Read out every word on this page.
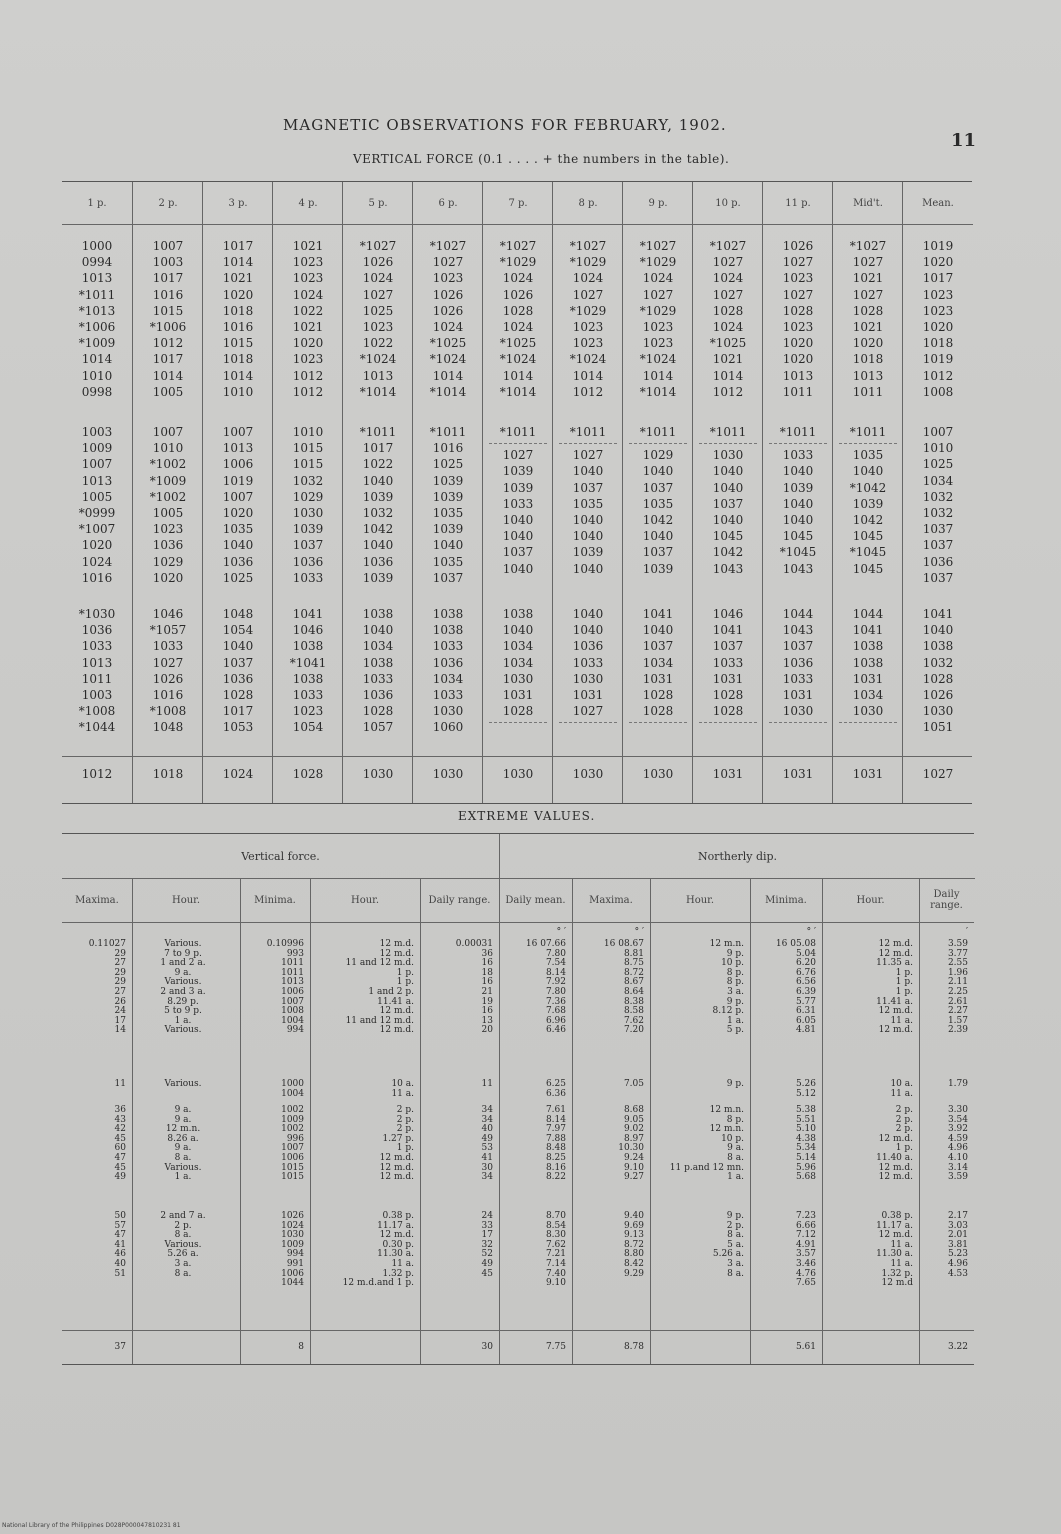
MAGNETIC OBSERVATIONS FOR FEBRUARY, 1902.
11
VERTICAL FORCE (0.1 . . . . + the numbers in the table).
1 p.
1000
0994
1013
*1011
*1013
*1006
*1009
1014
1010
0998
1003
1009
1007
1013
1005
*0999
*1007
1020
1024
1016
*1030
1036
1033
1013
1011
1003
*1008
*1044
1012
2 p.
1007
1003
1017
1016
1015
*1006
1012
1017
1014
1005
1007
1010
*1002
*1009
*1002
1005
1023
1036
1029
1020
1046
*1057
1033
1027
1026
1016
*1008
1048
1018
3 p.
1017
1014
1021
1020
1018
1016
1015
1018
1014
1010
1007
1013
1006
1019
1007
1020
1035
1040
1036
1025
1048
1054
1040
1037
1036
1028
1017
1053
1024
4 p.
1021
1023
1023
1024
1022
1021
1020
1023
1012
1012
1010
1015
1015
1032
1029
1030
1039
1037
1036
1033
1041
1046
1038
*1041
1038
1033
1023
1054
1028
5 p.
*1027
1026
1024
1027
1025
1023
1022
*1024
1013
*1014
*1011
1017
1022
1040
1039
1032
1042
1040
1036
1039
1038
1040
1034
1038
1033
1036
1028
1057
1030
6 p.
*1027
1027
1023
1026
1026
1024
*1025
*1024
1014
*1014
*1011
1016
1025
1039
1039
1035
1039
1040
1035
1037
1038
1038
1033
1036
1034
1033
1030
1060
1030
7 p.
*1027
*1029
1024
1026
1028
1024
*1025
*1024
1014
*1014
*1011
1027
1039
1039
1033
1040
1040
1037
1040
1038
1040
1034
1034
1030
1031
1028
1030
8 p.
*1027
*1029
1024
1027
*1029
1023
1023
*1024
1014
1012
*1011
1027
1040
1037
1035
1040
1040
1039
1040
1040
1040
1036
1033
1030
1031
1027
1030
9 p.
*1027
*1029
1024
1027
*1029
1023
1023
*1024
1014
*1014
*1011
1029
1040
1037
1035
1042
1040
1037
1039
1041
1040
1037
1034
1031
1028
1028
1030
10 p.
*1027
1027
1024
1027
1028
1024
*1025
1021
1014
1012
*1011
1030
1040
1040
1037
1040
1045
1042
1043
1046
1041
1037
1033
1031
1028
1028
1031
11 p.
1026
1027
1023
1027
1028
1023
1020
1020
1013
1011
*1011
1033
1040
1039
1040
1040
1045
*1045
1043
1044
1043
1037
1036
1033
1031
1030
1031
Mid't.
*1027
1027
1021
1027
1028
1021
1020
1018
1013
1011
*1011
1035
1040
*1042
1039
1042
1045
*1045
1045
1044
1041
1038
1038
1031
1034
1030
1031
Mean.
1019
1020
1017
1023
1023
1020
1018
1019
1012
1008
1007
1010
1025
1034
1032
1032
1037
1037
1036
1037
1041
1040
1038
1032
1028
1026
1030
1051
1027
EXTREME VALUES.
Vertical force.	Northerly dip.
Maxima.
0.11027
29
27
29
29
27
26
24
17
14
11
36
43
42
45
60
47
45
49
50
57
47
41
46
40
51
37
Hour.
Various.
7 to 9 p.
1 and 2 a.
9 a.
Various.
2 and 3 a.
8.29 p.
5 to 9 p.
1 a.
Various.
Various.
9 a.
9 a.
12 m.n.
8.26 a.
9 a.
8 a.
Various.
1 a.
2 and 7 a.
2 p.
8 a.
Various.
5.26 a.
3 a.
8 a.
Minima.
0.10996
993
1011
1011
1013
1006
1007
1008
1004
994
1000
1004
1002
1009
1002
996
1007
1006
1015
1015
1026
1024
1030
1009
994
991
1006
1044
8
Hour.
12 m.d.
12 m.d.
11 and 12 m.d.
1 p.
1 p.
1 and 2 p.
11.41 a.
12 m.d.
11 and 12 m.d.
12 m.d.
10 a.
11 a.
2 p.
2 p.
2 p.
1.27 p.
1 p.
12 m.d.
12 m.d.
12 m.d.
0.38 p.
11.17 a.
12 m.d.
0.30 p.
11.30 a.
11 a.
1.32 p.
12 m.d.and 1 p.
Daily range.
0.00031
36
16
18
16
21
19
16
13
20
11
34
34
40
49
53
41
30
34
24
33
17
32
52
49
45
30
Daily mean.
° ′
16 07.66
7.80
7.54
8.14
7.92
7.80
7.36
7.68
6.96
6.46
6.25
6.36
7.61
8.14
7.97
7.88
8.48
8.25
8.16
8.22
8.70
8.54
8.30
7.62
7.21
7.14
7.40
9.10
7.75
Maxima.
° ′
16 08.67
8.81
8.75
8.72
8.67
8.64
8.38
8.58
7.62
7.20
7.05
8.68
9.05
9.02
8.97
10.30
9.24
9.10
9.27
9.40
9.69
9.13
8.72
8.80
8.42
9.29
8.78
Hour.
12 m.n.
9 p.
10 p.
8 p.
8 p.
3 a.
9 p.
8.12 p.
1 a.
5 p.
9 p.
12 m.n.
8 p.
12 m.n.
10 p.
9 a.
8 a.
11 p.and 12 mn.
1 a.
9 p.
2 p.
8 a.
5 a.
5.26 a.
3 a.
8 a.
Minima.
° ′
16 05.08
5.04
6.20
6.76
6.56
6.39
5.77
6.31
6.05
4.81
5.26
5.12
5.38
5.51
5.10
4.38
5.34
5.14
5.96
5.68
7.23
6.66
7.12
4.91
3.57
3.46
4.76
7.65
5.61
Hour.
12 m.d.
12 m.d.
11.35 a.
1 p.
1 p.
1 p.
11.41 a.
12 m.d.
11 a.
12 m.d.
10 a.
11 a.
2 p.
2 p.
2 p.
12 m.d.
1 p.
11.40 a.
12 m.d.
12 m.d.
0.38 p.
11.17 a.
12 m.d.
11 a.
11.30 a.
11 a.
1.32 p.
12 m.d
Daily range.
′
3.59
3.77
2.55
1.96
2.11
2.25
2.61
2.27
1.57
2.39
1.79
3.30
3.54
3.92
4.59
4.96
4.10
3.14
3.59
2.17
3.03
2.01
3.81
5.23
4.96
4.53
3.22
National Library of the Philippines D028P000047810231 81
